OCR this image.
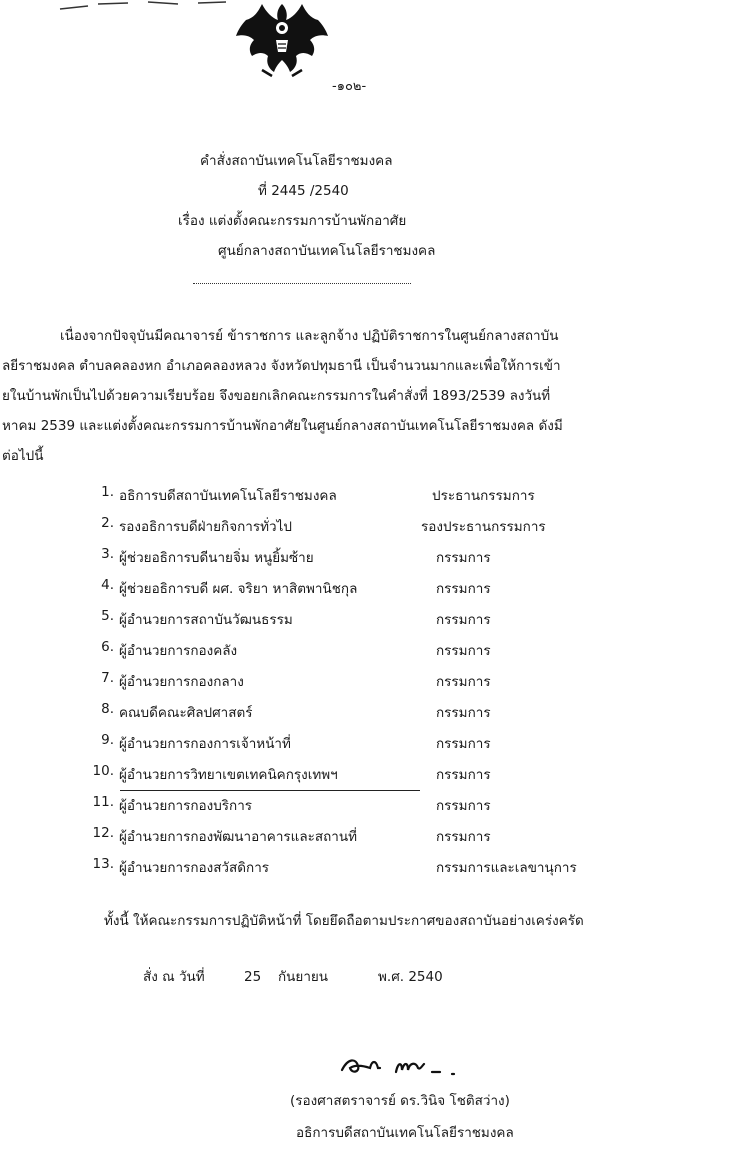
-๑๐๒-
คำสั่งสถาบันเทคโนโลยีราชมงคล
ที่ 2445 /2540
เรื่อง แต่งตั้งคณะกรรมการบ้านพักอาศัย
ศูนย์กลางสถาบันเทคโนโลยีราชมงคล
เนื่องจากปัจจุบันมีคณาจารย์ ข้าราชการ และลูกจ้าง ปฏิบัติราชการในศูนย์กลางสถาบัน
ลยีราชมงคล ตำบลคลองหก อำเภอคลองหลวง จังหวัดปทุมธานี เป็นจำนวนมากและเพื่อให้การเข้า
ยในบ้านพักเป็นไปด้วยความเรียบร้อย จึงขอยกเลิกคณะกรรมการในคำสั่งที่ 1893/2539 ลงวันที่
หาคม 2539 และแต่งตั้งคณะกรรมการบ้านพักอาศัยในศูนย์กลางสถาบันเทคโนโลยีราชมงคล ดังมี
ต่อไปนี้
1. อธิการบดีสถาบันเทคโนโลยีราชมงคล	ประธานกรรมการ
2. รองอธิการบดีฝ่ายกิจการทั่วไป	รองประธานกรรมการ
3. ผู้ช่วยอธิการบดีนายจิ่ม หนูยิ้มซ้าย	กรรมการ
4. ผู้ช่วยอธิการบดี ผศ. จริยา หาสิตพานิชกุล	กรรมการ
5. ผู้อำนวยการสถาบันวัฒนธรรม	กรรมการ
6. ผู้อำนวยการกองคลัง	กรรมการ
7. ผู้อำนวยการกองกลาง	กรรมการ
8. คณบดีคณะศิลปศาสตร์	กรรมการ
9. ผู้อำนวยการกองการเจ้าหน้าที่	กรรมการ
10. ผู้อำนวยการวิทยาเขตเทคนิคกรุงเทพฯ	กรรมการ
11. ผู้อำนวยการกองบริการ	กรรมการ
12. ผู้อำนวยการกองพัฒนาอาคารและสถานที่	กรรมการ
13. ผู้อำนวยการกองสวัสดิการ	กรรมการและเลขานุการ
ทั้งนี้ ให้คณะกรรมการปฏิบัติหน้าที่ โดยยึดถือตามประกาศของสถาบันอย่างเคร่งครัด
สั่ง ณ วันที่	25 กันยายน	พ.ศ. 2540
(รองศาสตราจารย์ ดร.วินิจ โชติสว่าง)
อธิการบดีสถาบันเทคโนโลยีราชมงคล
